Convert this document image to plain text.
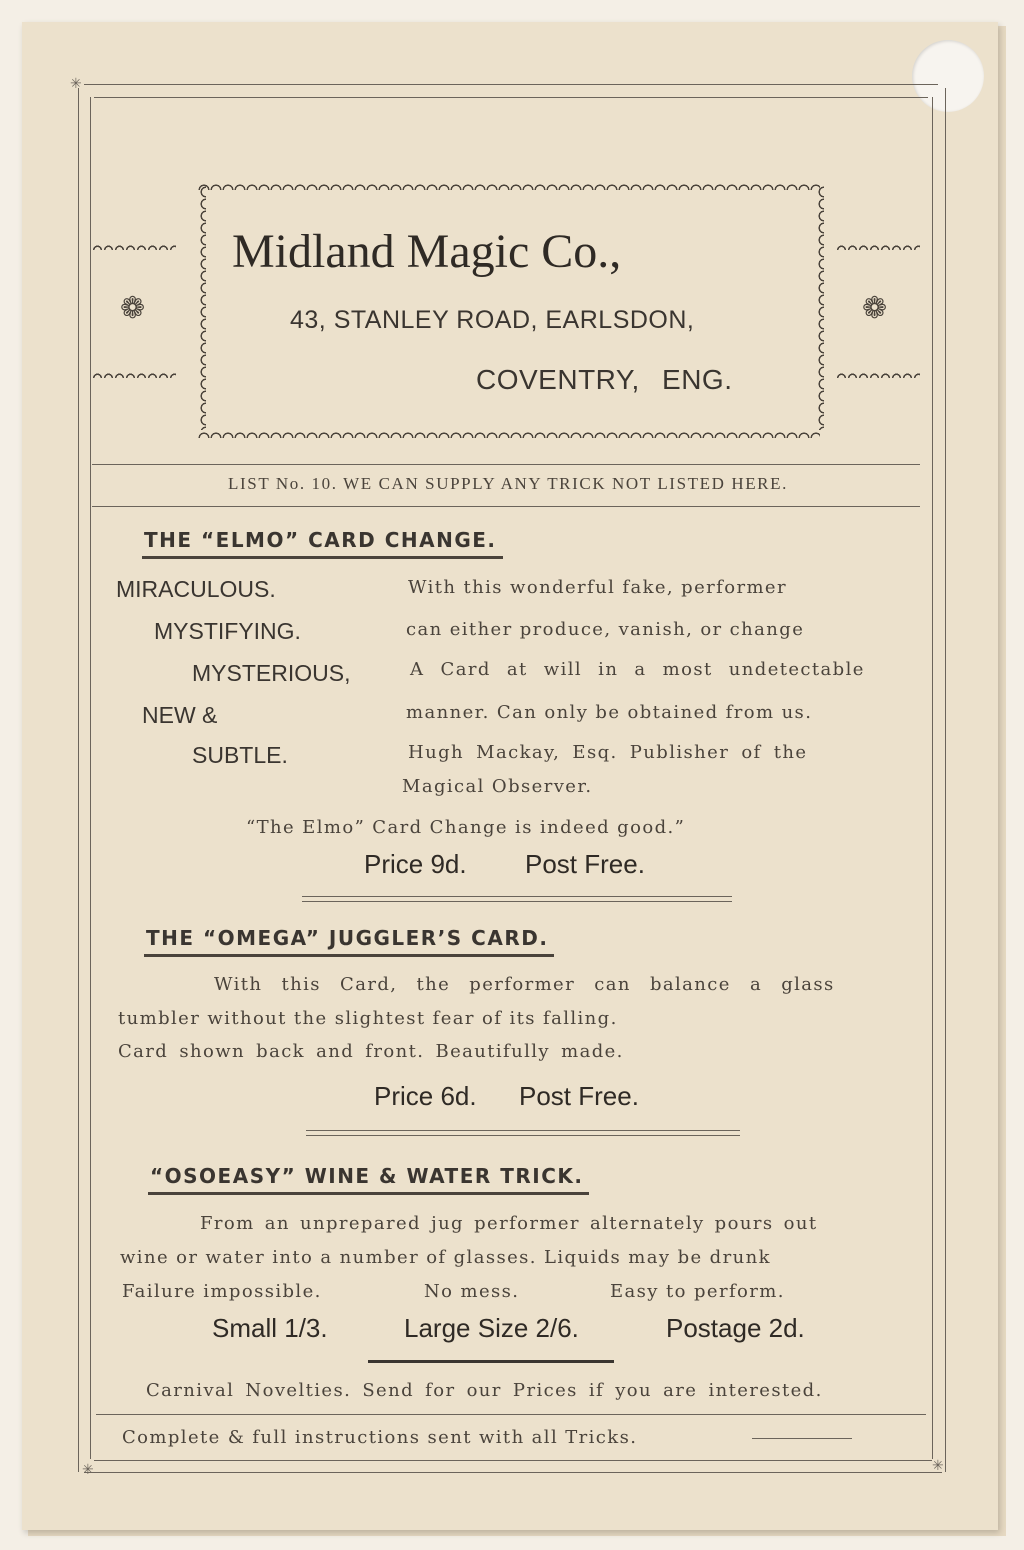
✳
✳	✳
❁	❁
Midland Magic Co.,
43, STANLEY ROAD, EARLSDON,
COVENTRY, ENG.
LIST No. 10. WE CAN SUPPLY ANY TRICK NOT LISTED HERE.
THE “ELMO” CARD CHANGE.
MIRACULOUS.
MYSTIFYING.
MYSTERIOUS,
NEW &
SUBTLE.
With this wonderful fake, performer
can either produce, vanish, or change
A Card at will in a most undetectable
manner. Can only be obtained from us.
Hugh Mackay, Esq. Publisher of the
Magical Observer.
“The Elmo” Card Change is indeed good.”
Price 9d. Post Free.
THE “OMEGA” JUGGLER’S CARD.
With this Card, the performer can balance a glass
tumbler without the slightest fear of its falling.
Card shown back and front. Beautifully made.
Price 6d. Post Free.
“OSOEASY” WINE & WATER TRICK.
From an unprepared jug performer alternately pours out
wine or water into a number of glasses. Liquids may be drunk
Failure impossible.	No mess.	Easy to perform.
Small 1/3.	Large Size 2/6.	Postage 2d.
Carnival Novelties. Send for our Prices if you are interested.
Complete & full instructions sent with all Tricks.
